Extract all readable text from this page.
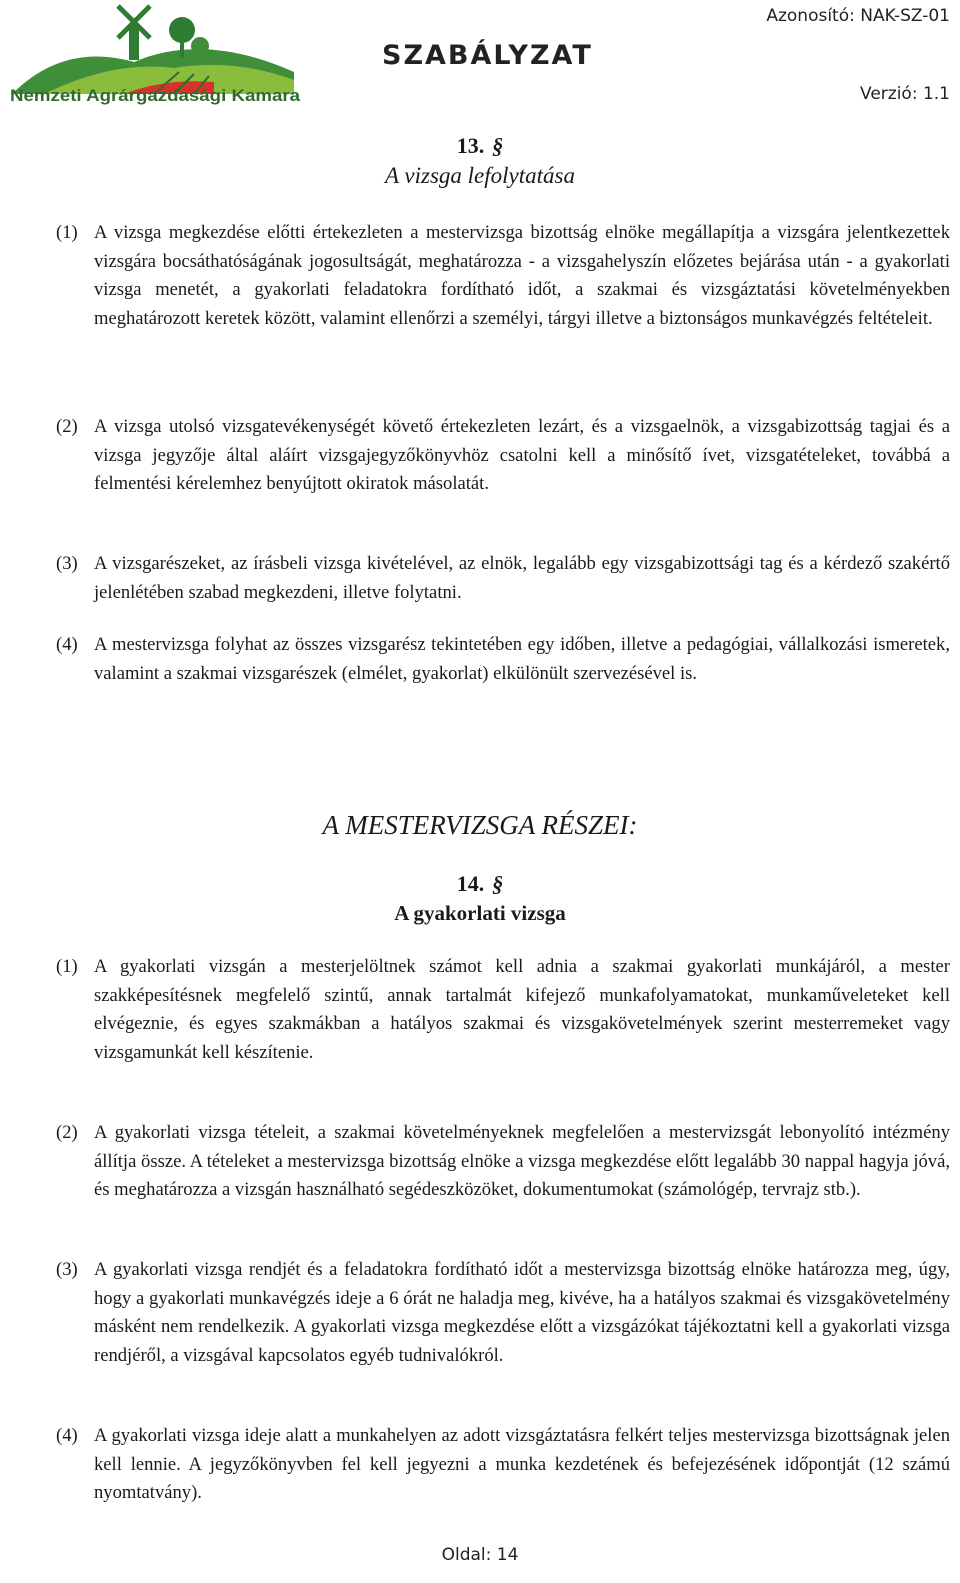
Nemzeti Agrárgazdasági Kamara
SZABÁLYZAT
Azonosító: NAK-SZ-01
Verzió: 1.1
13. §
A vizsga lefolytatása
(1) A vizsga megkezdése előtti értekezleten a mestervizsga bizottság elnöke megállapítja a vizsgára jelentkezettek vizsgára bocsáthatóságának jogosultságát, meghatározza - a vizsgahelyszín előzetes bejárása után - a gyakorlati vizsga menetét, a gyakorlati feladatokra fordítható időt, a szakmai és vizsgáztatási követelményekben meghatározott keretek között, valamint ellenőrzi a személyi, tárgyi illetve a biztonságos munkavégzés feltételeit.
(2) A vizsga utolsó vizsgatevékenységét követő értekezleten lezárt, és a vizsgaelnök, a vizsgabizottság tagjai és a vizsga jegyzője által aláírt vizsgajegyzőkönyvhöz csatolni kell a minősítő ívet, vizsgatételeket, továbbá a felmentési kérelemhez benyújtott okiratok másolatát.
(3) A vizsgarészeket, az írásbeli vizsga kivételével, az elnök, legalább egy vizsgabizottsági tag és a kérdező szakértő jelenlétében szabad megkezdeni, illetve folytatni.
(4) A mestervizsga folyhat az összes vizsgarész tekintetében egy időben, illetve a pedagógiai, vállalkozási ismeretek, valamint a szakmai vizsgarészek (elmélet, gyakorlat) elkülönült szervezésével is.
A MESTERVIZSGA RÉSZEI:
14. §
A gyakorlati vizsga
(1) A gyakorlati vizsgán a mesterjelöltnek számot kell adnia a szakmai gyakorlati munkájáról, a mester szakképesítésnek megfelelő szintű, annak tartalmát kifejező munkafolyamatokat, munkaműveleteket kell elvégeznie, és egyes szakmákban a hatályos szakmai és vizsgakövetelmények szerint mesterremeket vagy vizsgamunkát kell készítenie.
(2) A gyakorlati vizsga tételeit, a szakmai követelményeknek megfelelően a mestervizsgát lebonyolító intézmény állítja össze. A tételeket a mestervizsga bizottság elnöke a vizsga megkezdése előtt legalább 30 nappal hagyja jóvá, és meghatározza a vizsgán használható segédeszközöket, dokumentumokat (számológép, tervrajz stb.).
(3) A gyakorlati vizsga rendjét és a feladatokra fordítható időt a mestervizsga bizottság elnöke határozza meg, úgy, hogy a gyakorlati munkavégzés ideje a 6 órát ne haladja meg, kivéve, ha a hatályos szakmai és vizsgakövetelmény másként nem rendelkezik. A gyakorlati vizsga megkezdése előtt a vizsgázókat tájékoztatni kell a gyakorlati vizsga rendjéről, a vizsgával kapcsolatos egyéb tudnivalókról.
(4) A gyakorlati vizsga ideje alatt a munkahelyen az adott vizsgáztatásra felkért teljes mestervizsga bizottságnak jelen kell lennie. A jegyzőkönyvben fel kell jegyezni a munka kezdetének és befejezésének időpontját (12 számú nyomtatvány).
Oldal: 14
